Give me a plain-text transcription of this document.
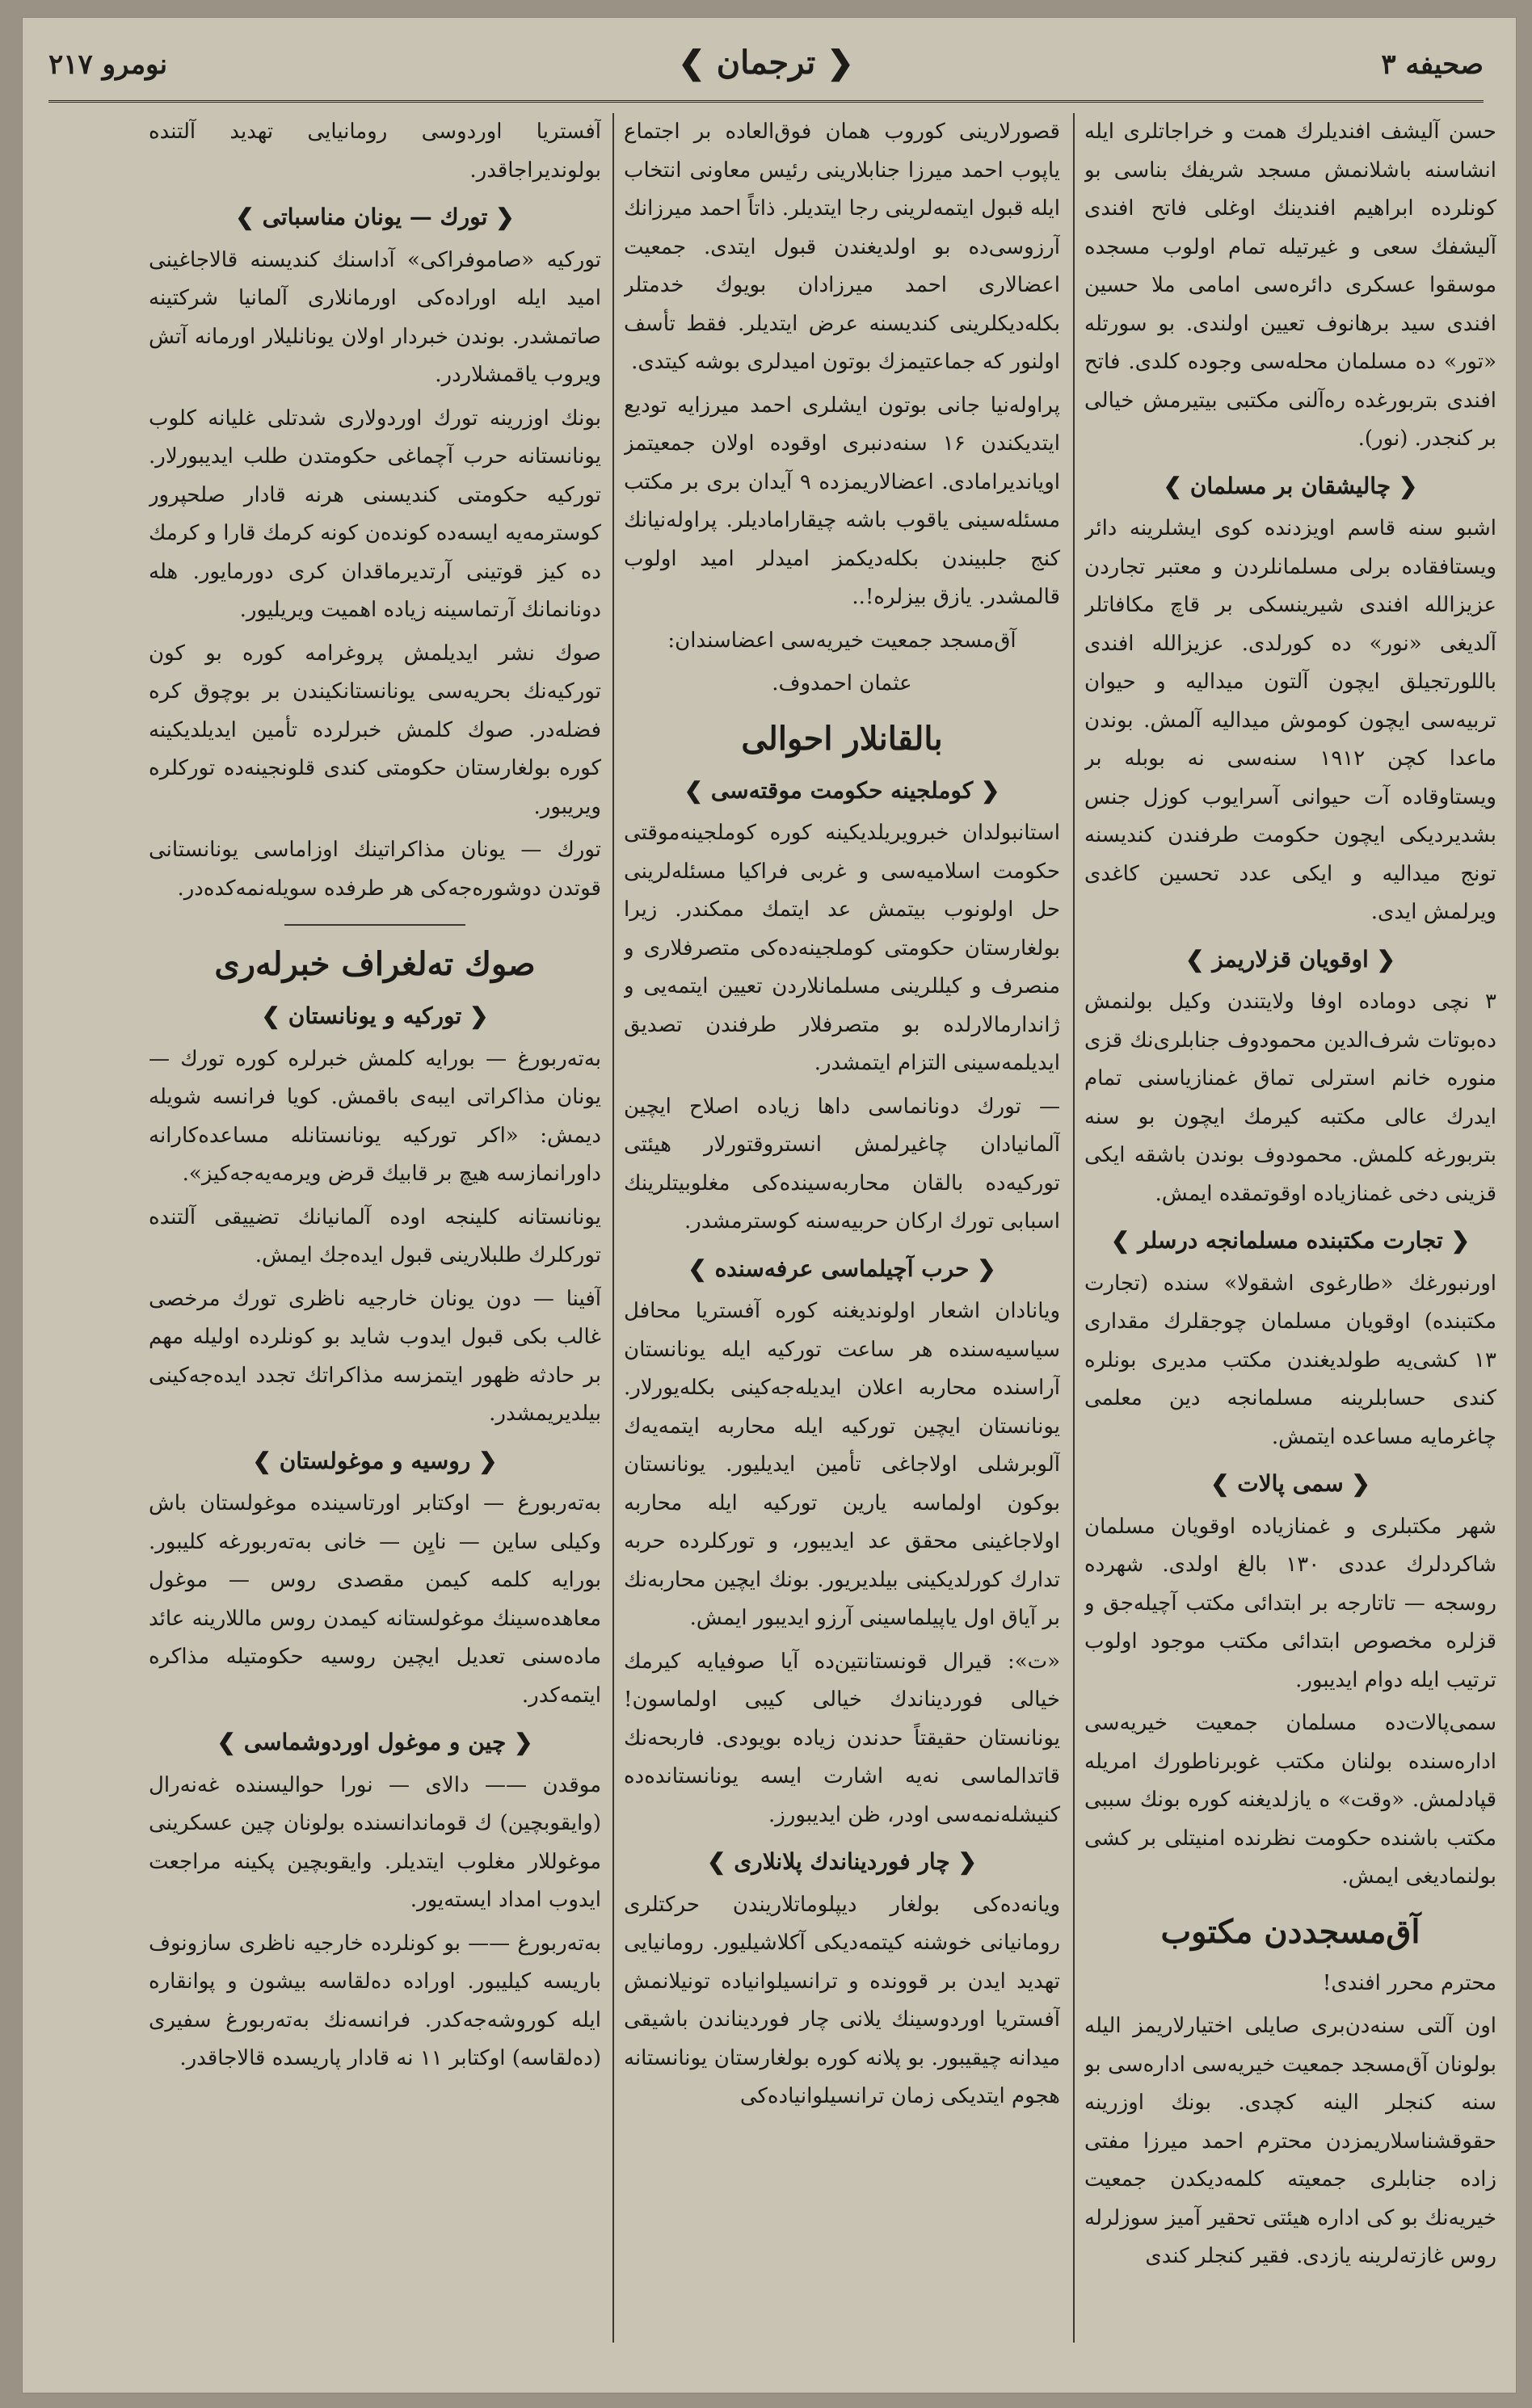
صحیفه ۳
❮ ترجمان ❯
نومرو ۲۱۷

حسن آلیشف افندیلرك همت و خراجاتلری ایله انشاسنه باشلانمش مسجد شریفك بناسی بو کونلرده ابراهیم افندینك اوغلی فاتح افندی آلیشفك سعی و غیرتیله تمام اولوب مسجده موسقوا عسکری دائره‌سی امامی ملا حسین افندی سید برهانوف تعیین اولندی. بو سورتله «تور» ده مسلمان محله‌سی وجوده کلدی. فاتح افندی بتربورغده ره‌آلنی مکتبی بیتیرمش خیالی بر کنجدر. (نور).

❮ چالیشقان بر مسلمان ❯

اشبو سنه قاسم اویزدنده کوی ایشلرینه دائر ویستافقاده برلی مسلمانلردن و معتبر تجاردن عزیزالله افندی شیرینسکی بر قاچ مکافاتلر آلدیغی «نور» ده کورلدی. عزیزالله افندی باللورتجیلق ایچون آلتون میدالیه و حیوان تربیه‌سی ایچون کوموش میدالیه آلمش. بوندن ماعدا کچن ۱۹۱۲ سنه‌سی نه بوبله بر ویستاوقاده آت حیوانی آسرایوب کوزل جنس بشدیردیکی ایچون حکومت طرفندن کندیسنه تونج میدالیه و ایکی عدد تحسین کاغدی ویرلمش ایدی.

❮ اوقویان قزلاریمز ❯

۳ نچی دوماده اوفا ولایتندن وکیل بولنمش دەبوتات شرف‌الدین محمودوف جنابلری‌نك قزی منوره خانم استرلی تماق غمنازیاسنی تمام ایدرك عالی مکتبه کیرمك ایچون بو سنه بتربورغه کلمش. محمودوف بوندن باشقه ایکی قزینی دخی غمنازیاده اوقوتمقده ایمش.

❮ تجارت مکتبنده مسلمانجه درسلر ❯

اورنبورغك «طارغوی اشقولا» سنده (تجارت مکتبنده) اوقویان مسلمان چوجقلرك مقداری ۱۳ کشی‌یه طولدیغندن مکتب مدیری بونلره کندی حسابلرینه مسلمانجه دین معلمی چاغرمایه مساعده ایتمش.

❮ سمی پالات ❯

شهر مکتبلری و غمنازیاده اوقویان مسلمان شاکردلرك عددی ۱۳۰ بالغ اولدی. شهرده روسجه — تاتارجه بر ابتدائی مکتب آچیله‌جق و قزلره مخصوص ابتدائی مکتب موجود اولوب ترتیب ایله دوام ایدیبور.

سمی‌پالات‌ده مسلمان جمعیت خیریه‌سی اداره‌سنده بولنان مکتب غوبرناطورك امریله قپادلمش. «وقت» ه یازلدیغنه کوره بونك سببی مکتب باشنده حکومت نظرنده امنیتلی بر کشی بولنمادیغی ایمش.

آق‌مسجددن مکتوب

محترم محرر افندی!

اون آلتی سنه‌دن‌بری صایلی اختیارلاریمز الیله بولونان آق‌مسجد جمعیت خیریه‌سی اداره‌سی بو سنه کنجلر الینه کچدی. بونك اوزرینه حقوقشناسلاریمزدن محترم احمد میرزا مفتی زاده جنابلری جمعیته کلمه‌دیکدن جمعیت خیریه‌نك بو کی اداره هیئتی تحقیر آمیز سوزلرله روس غازته‌لرینه یازدی. فقیر کنجلر کندی

قصورلارینی کوروب همان فوق‌العاده بر اجتماع یاپوب احمد میرزا جنابلارینی رئیس معاونی انتخاب ایله قبول ایتمه‌لرینی رجا ایتدیلر. ذاتاً احمد میرزانك آرزوسی‌ده بو اولدیغندن قبول ایتدی. جمعیت اعضالاری احمد میرزادان بویوك خدمتلر بکله‌دیکلرینی کندیسنه عرض ایتدیلر. فقط تأسف اولنور که جماعتیمزك بوتون امیدلری بوشه کیتدی.

پراولەنیا جانی بوتون ایشلری احمد میرزایه تودیع ایتدیکندن ۱۶ سنه‌دنبری اوقوده اولان جمعیتمز اویاندیرامادی. اعضالاریمزده ۹ آیدان بری بر مکتب مسئله‌سینی یاقوب باشه چیقارامادیلر. پراولەنیانك کنج جلبیندن بکله‌دیکمز امیدلر امید اولوب قالمشدر. یازق بیزلره!..

آق‌مسجد جمعیت خیریه‌سی اعضاسندان:
عثمان احمدوف.
بالقانلار احوالی
❮ کوملجینه حکومت موقته‌سی ❯

استانبولدان خبرویریلدیکینه کوره کوملجینه‌موقتی حکومت اسلامیه‌سی و غربی فراکیا مسئله‌لرینی حل اولونوب بیتمش عد ایتمك ممکندر. زیرا بولغارستان حکومتی کوملجینه‌ده‌کی متصرفلاری و منصرف و کیللرینی مسلمانلاردن تعیین ایتمه‌یی و ژاندارمالارلده بو متصرفلار طرفندن تصدیق ایدیلمه‌سینی التزام ایتمشدر.

— تورك دونانماسی داها زیاده اصلاح ایچین آلمانیادان چاغیرلمش انستروقتورلار هیئتی تورکیه‌ده بالقان محاربه‌سینده‌کی مغلوبیتلرینك اسبابی تورك ارکان حربیه‌سنه کوسترمشدر.

❮ حرب آچیلماسی عرفه‌سنده ❯

ویانادان اشعار اولوندیغنه کوره آفستریا محافل سیاسیه‌سنده هر ساعت تورکیه ایله یونانستان آراسنده محاربه اعلان ایدیله‌جه‌کینی بکله‌یورلار. یونانستان ایچین تورکیه ایله محاربه ایتمه‌یه‌ك آلوبرشلی اولاجاغی تأمین ایدیلیور. یونانستان بوکون اولماسه یارین تورکیه ایله محاربه اولاجاغینی محقق عد ایدیبور، و تورکلرده حربه تدارك کورلدیکینی بیلدیریور. بونك ایچین محاربه‌نك بر آیاق اول یاپیلماسینی آرزو ایدیبور ایمش.

«ت»: قیرال قونستانتین‌ده آیا صوفیایه کیرمك خیالی فوردیناندك خیالی کیبی اولماسون! یونانستان حقیقتاً حدندن زیاده بویودی. فاربحه‌نك قاتدالماسی نه‌یه اشارت ایسه یونانستانده‌ده کنیشله‌نمه‌سی اودر، ظن ایدیبورز.

❮ چار فوردیناندك پلانلاری ❯

ویانه‌ده‌کی بولغار دیپلوماتلاریندن حرکتلری رومانیانی خوشنه کیتمه‌دیکی آکلاشیلیور. رومانیایی تهدید ایدن بر قوونده و ترانسیلوانیاده تونیلانمش آفستریا اوردوسینك یلانی چار فوردیناندن باشیقی میدانه چیقیبور. بو پلانه کوره بولغارستان یونانستانه هجوم ایتدیکی زمان ترانسیلوانیاده‌کی

آفستریا اوردوسی رومانیایی تهدید آلتنده بولوندیراجاقدر.

❮ تورك — یونان مناسباتی ❯

تورکیه «صاموفراکی» آداسنك کندیسنه قالاجاغینی امید ایله اوراده‌کی اورمانلاری آلمانیا شرکتینه صاتمشدر. بوندن خبردار اولان یونانلیلار اورمانه آتش ویروب یاقمشلاردر.

بونك اوزرینه تورك اوردولاری شدتلی غلیانه کلوب یونانستانه حرب آچماغی حکومتدن طلب ایدیبورلار. تورکیه حکومتی کندیسنی هرنه قادار صلحپرور کوسترمه‌یه ایسه‌ده کونده‌ن کونه کرمك قارا و کرمك ده کیز قوتینی آرتدیرماقدان کری دورمایور. هله دونانمانك آرتماسینه زیاده اهمیت ویریلیور.

صوك نشر ایدیلمش پروغرامه کوره بو کون تورکیه‌نك بحریه‌سی یونانستانکیندن بر بوچوق کره فضله‌در. صوك کلمش خبرلرده تأمین ایدیلدیکینه کوره بولغارستان حکومتی کندی قلونجینه‌ده تورکلره ویریبور.

تورك — یونان مذاکراتینك اوزاماسی یونانستانی قوتدن دوشوره‌جه‌کی هر طرفده سویله‌نمه‌کده‌در.

صوك تەلغراف خبرلەری
❮ تورکیه و یونانستان ❯

بەتەربورغ — بورایه کلمش خبرلره کوره تورك — یونان مذاکراتی ایبه‌ی باقمش. کویا فرانسه شویله دیمش: «اکر تورکیه یونانستانله مساعده‌کارانه داورانمازسه هیچ بر قابیك قرض ویرمه‌یه‌جه‌کیز».

یونانستانه کلینجه اوده آلمانیانك تضییقی آلتنده تورکلرك طلبلارینی قبول ایده‌جك ایمش.

آفینا — دون یونان خارجیه ناظری تورك مرخصی غالب بکی قبول ایدوب شاید بو کونلرده اولیله مهم بر حادثه ظهور ایتمزسه مذاکراتك تجدد ایده‌جه‌کینی بیلدیریمشدر.

❮ روسیه و موغولستان ❯

بەتەربورغ — اوکتابر اورتاسینده موغولستان باش وکیلی ساین — نایِن — خانی بەتەربورغه کلیبور. بورایه کلمه کیمن مقصدی روس — موغول معاهده‌سینك موغولستانه کیمدن روس ماللارینه عائد ماده‌سنی تعدیل ایچین روسیه حکومتیله مذاکره ایتمه‌کدر.

❮ چین و موغول اوردوشماسی ❯

موقدن —— دالای — نورا حوالیسنده غەنەرال (وایقوبچین) ك قوماندانسنده بولونان چین عسکرینی موغوللار مغلوب ایتدیلر. وایقوبچین پکینه مراجعت ایدوب امداد ایستەیور.

بەتەربورغ —— بو کونلرده خارجیه ناظری سازونوف باریسه کیلیبور. اوراده دەلقاسه بیشون و پوانقاره ایله کوروشه‌جه‌کدر. فرانسه‌نك بەتەربورغ سفیری (دەلقاسه) اوکتابر ۱۱ نه قادار پاریسده قالاجاقدر.
